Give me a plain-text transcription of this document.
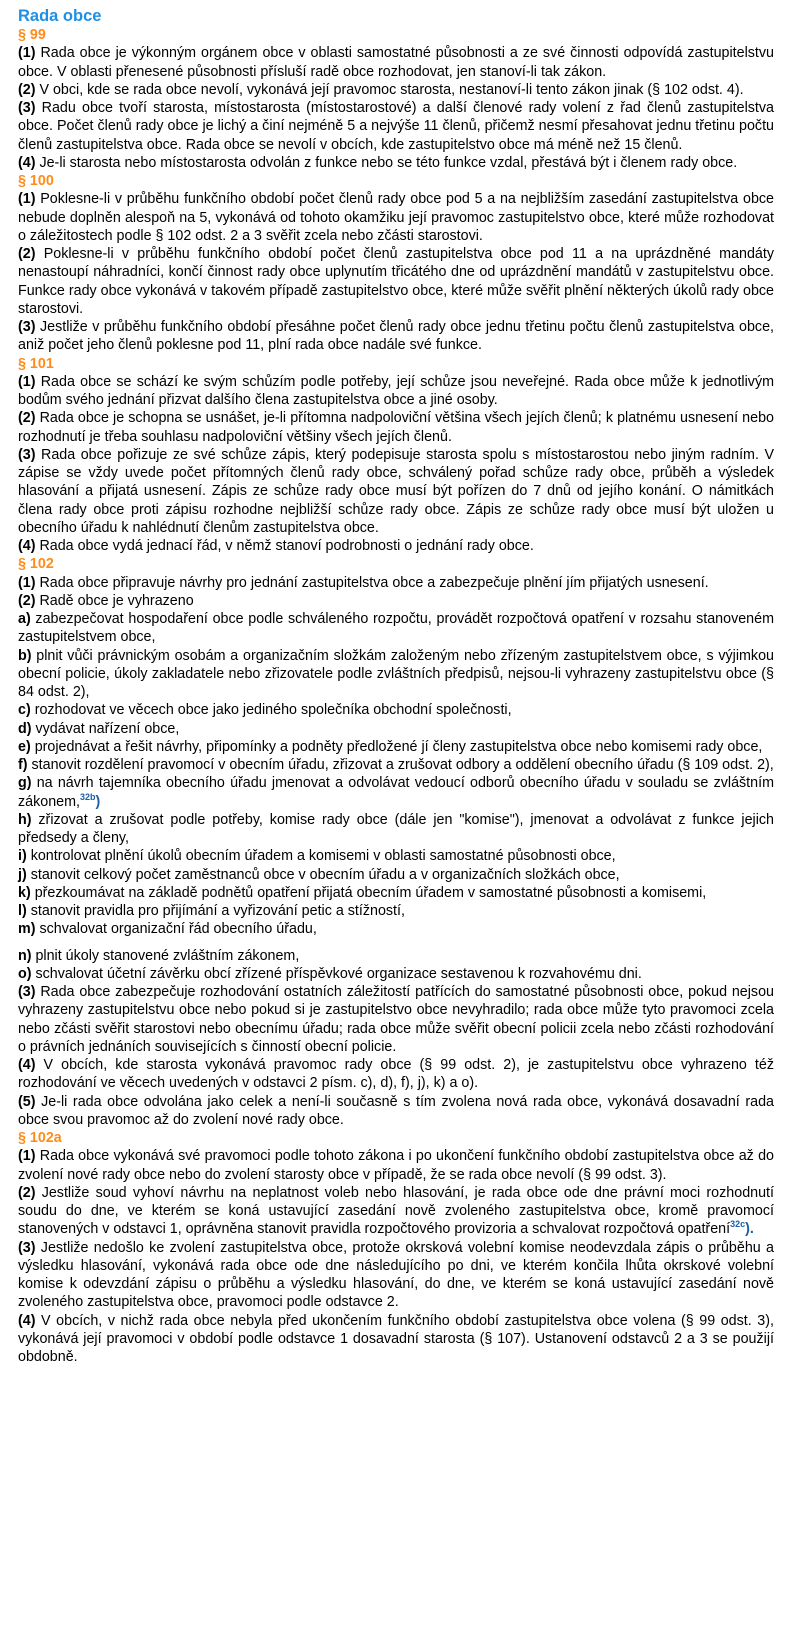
Rada obce
§ 99

(1) Rada obce je výkonným orgánem obce v oblasti samostatné působnosti a ze své činnosti odpovídá zastupitelstvu obce. V oblasti přenesené působnosti přísluší radě obce rozhodovat, jen stanoví-li tak zákon.

(2) V obci, kde se rada obce nevolí, vykonává její pravomoc starosta, nestanoví-li tento zákon jinak (§ 102 odst. 4).

(3) Radu obce tvoří starosta, místostarosta (místostarostové) a další členové rady volení z řad členů zastupitelstva obce. Počet členů rady obce je lichý a činí nejméně 5 a nejvýše 11 členů, přičemž nesmí přesahovat jednu třetinu počtu členů zastupitelstva obce. Rada obce se nevolí v obcích, kde zastupitelstvo obce má méně než 15 členů.

(4) Je-li starosta nebo místostarosta odvolán z funkce nebo se této funkce vzdal, přestává být i členem rady obce.

§ 100

(1) Poklesne-li v průběhu funkčního období počet členů rady obce pod 5 a na nejbližším zasedání zastupitelstva obce nebude doplněn alespoň na 5, vykonává od tohoto okamžiku její pravomoc zastupitelstvo obce, které může rozhodovat o záležitostech podle § 102 odst. 2 a 3 svěřit zcela nebo zčásti starostovi.

(2) Poklesne-li v průběhu funkčního období počet členů zastupitelstva obce pod 11 a na uprázdněné mandáty nenastoupí náhradníci, končí činnost rady obce uplynutím třicátého dne od uprázdnění mandátů v zastupitelstvu obce. Funkce rady obce vykonává v takovém případě zastupitelstvo obce, které může svěřit plnění některých úkolů rady obce starostovi.

(3) Jestliže v průběhu funkčního období přesáhne počet členů rady obce jednu třetinu počtu členů zastupitelstva obce, aniž počet jeho členů poklesne pod 11, plní rada obce nadále své funkce.

§ 101

(1) Rada obce se schází ke svým schůzím podle potřeby, její schůze jsou neveřejné. Rada obce může k jednotlivým bodům svého jednání přizvat dalšího člena zastupitelstva obce a jiné osoby.

(2) Rada obce je schopna se usnášet, je-li přítomna nadpoloviční většina všech jejích členů; k platnému usnesení nebo rozhodnutí je třeba souhlasu nadpoloviční většiny všech jejích členů.

(3) Rada obce pořizuje ze své schůze zápis, který podepisuje starosta spolu s místostarostou nebo jiným radním. V zápise se vždy uvede počet přítomných členů rady obce, schválený pořad schůze rady obce, průběh a výsledek hlasování a přijatá usnesení. Zápis ze schůze rady obce musí být pořízen do 7 dnů od jejího konání. O námitkách člena rady obce proti zápisu rozhodne nejbližší schůze rady obce. Zápis ze schůze rady obce musí být uložen u obecního úřadu k nahlédnutí členům zastupitelstva obce.

(4) Rada obce vydá jednací řád, v němž stanoví podrobnosti o jednání rady obce.

§ 102

(1) Rada obce připravuje návrhy pro jednání zastupitelstva obce a zabezpečuje plnění jím přijatých usnesení.

(2) Radě obce je vyhrazeno

a) zabezpečovat hospodaření obce podle schváleného rozpočtu, provádět rozpočtová opatření v rozsahu stanoveném zastupitelstvem obce,

b) plnit vůči právnickým osobám a organizačním složkám založeným nebo zřízeným zastupitelstvem obce, s výjimkou obecní policie, úkoly zakladatele nebo zřizovatele podle zvláštních předpisů, nejsou-li vyhrazeny zastupitelstvu obce (§ 84 odst. 2),

c) rozhodovat ve věcech obce jako jediného společníka obchodní společnosti,

d) vydávat nařízení obce,

e) projednávat a řešit návrhy, připomínky a podněty předložené jí členy zastupitelstva obce nebo komisemi rady obce,

f) stanovit rozdělení pravomocí v obecním úřadu, zřizovat a zrušovat odbory a oddělení obecního úřadu (§ 109 odst. 2),

g) na návrh tajemníka obecního úřadu jmenovat a odvolávat vedoucí odborů obecního úřadu v souladu se zvláštním zákonem,$^{32b}$)

h) zřizovat a zrušovat podle potřeby, komise rady obce (dále jen "komise"), jmenovat a odvolávat z funkce jejich předsedy a členy,

i) kontrolovat plnění úkolů obecním úřadem a komisemi v oblasti samostatné působnosti obce,

j) stanovit celkový počet zaměstnanců obce v obecním úřadu a v organizačních složkách obce,

k) přezkoumávat na základě podnětů opatření přijatá obecním úřadem v samostatné působnosti a komisemi,

l) stanovit pravidla pro přijímání a vyřizování petic a stížností,

m) schvalovat organizační řád obecního úřadu,

n) plnit úkoly stanovené zvláštním zákonem,

o) schvalovat účetní závěrku obcí zřízené příspěvkové organizace sestavenou k rozvahovému dni.

(3) Rada obce zabezpečuje rozhodování ostatních záležitostí patřících do samostatné působnosti obce, pokud nejsou vyhrazeny zastupitelstvu obce nebo pokud si je zastupitelstvo obce nevyhradilo; rada obce může tyto pravomoci zcela nebo zčásti svěřit starostovi nebo obecnímu úřadu; rada obce může svěřit obecní policii zcela nebo zčásti rozhodování o právních jednáních souvisejících s činností obecní policie.

(4) V obcích, kde starosta vykonává pravomoc rady obce (§ 99 odst. 2), je zastupitelstvu obce vyhrazeno též rozhodování ve věcech uvedených v odstavci 2 písm. c), d), f), j), k) a o).

(5) Je-li rada obce odvolána jako celek a není-li současně s tím zvolena nová rada obce, vykonává dosavadní rada obce svou pravomoc až do zvolení nové rady obce.

§ 102a

(1) Rada obce vykonává své pravomoci podle tohoto zákona i po ukončení funkčního období zastupitelstva obce až do zvolení nové rady obce nebo do zvolení starosty obce v případě, že se rada obce nevolí (§ 99 odst. 3).

(2) Jestliže soud vyhoví návrhu na neplatnost voleb nebo hlasování, je rada obce ode dne právní moci rozhodnutí soudu do dne, ve kterém se koná ustavující zasedání nově zvoleného zastupitelstva obce, kromě pravomocí stanovených v odstavci 1, oprávněna stanovit pravidla rozpočtového provizoria a schvalovat rozpočtová opatření$^{32c}$).

(3) Jestliže nedošlo ke zvolení zastupitelstva obce, protože okrsková volební komise neodevzdala zápis o průběhu a výsledku hlasování, vykonává rada obce ode dne následujícího po dni, ve kterém končila lhůta okrskové volební komise k odevzdání zápisu o průběhu a výsledku hlasování, do dne, ve kterém se koná ustavující zasedání nově zvoleného zastupitelstva obce, pravomoci podle odstavce 2.

(4) V obcích, v nichž rada obce nebyla před ukončením funkčního období zastupitelstva obce volena (§ 99 odst. 3), vykonává její pravomoci v období podle odstavce 1 dosavadní starosta (§ 107). Ustanovení odstavců 2 a 3 se použijí obdobně.
